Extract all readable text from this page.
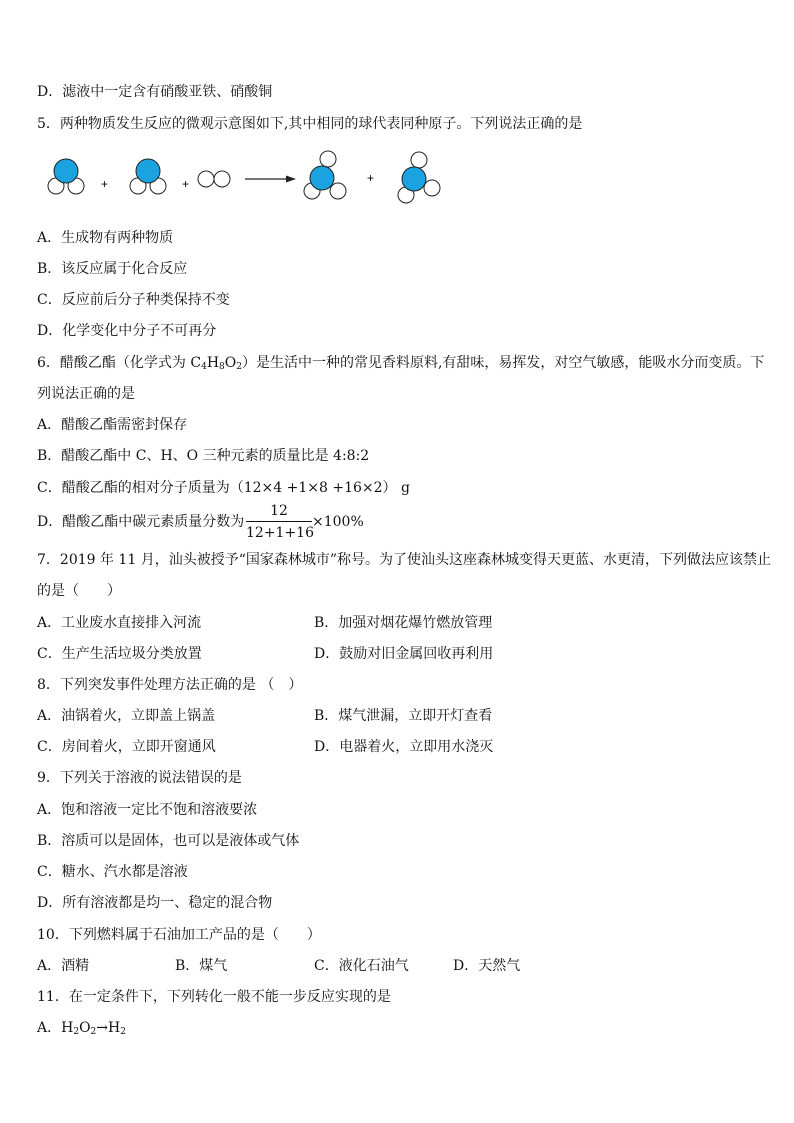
D．滤液中一定含有硝酸亚铁、硝酸铜
5．两种物质发生反应的微观示意图如下,其中相同的球代表同种原子。下列说法正确的是
+	+	+
A．生成物有两种物质
B．该反应属于化合反应
C．反应前后分子种类保持不变
D．化学变化中分子不可再分
6．醋酸乙酯（化学式为 $C_4H_8O_2$）是生活中一种的常见香料原料,有甜味，易挥发，对空气敏感，能吸水分而变质。下
列说法正确的是
A．醋酸乙酯需密封保存
B．醋酸乙酯中 C、H、O 三种元素的质量比是 4:8:2
C．醋酸乙酯的相对分子质量为（12×4 +1×8 +16×2） g
D．醋酸乙酯中碳元素质量分数为
12
12+1+16
×100%
7．2019 年 11 月，汕头被授予“国家森林城市”称号。为了使汕头这座森林城变得天更蓝、水更清，下列做法应该禁止
的是（　　）
A．工业废水直接排入河流	B．加强对烟花爆竹燃放管理
C．生产生活垃圾分类放置	D．鼓励对旧金属回收再利用
8．下列突发事件处理方法正确的是 （　）
A．油锅着火，立即盖上锅盖	B．煤气泄漏，立即开灯查看
C．房间着火，立即开窗通风	D．电器着火，立即用水浇灭
9．下列关于溶液的说法错误的是
A．饱和溶液一定比不饱和溶液要浓
B．溶质可以是固体，也可以是液体或气体
C．糖水、汽水都是溶液
D．所有溶液都是均一、稳定的混合物
10．下列燃料属于石油加工产品的是（　　）
A．酒精	B．煤气	C．液化石油气	D．天然气
11．在一定条件下，下列转化一般不能一步反应实现的是
A．$H_2O_2\to H_2$
